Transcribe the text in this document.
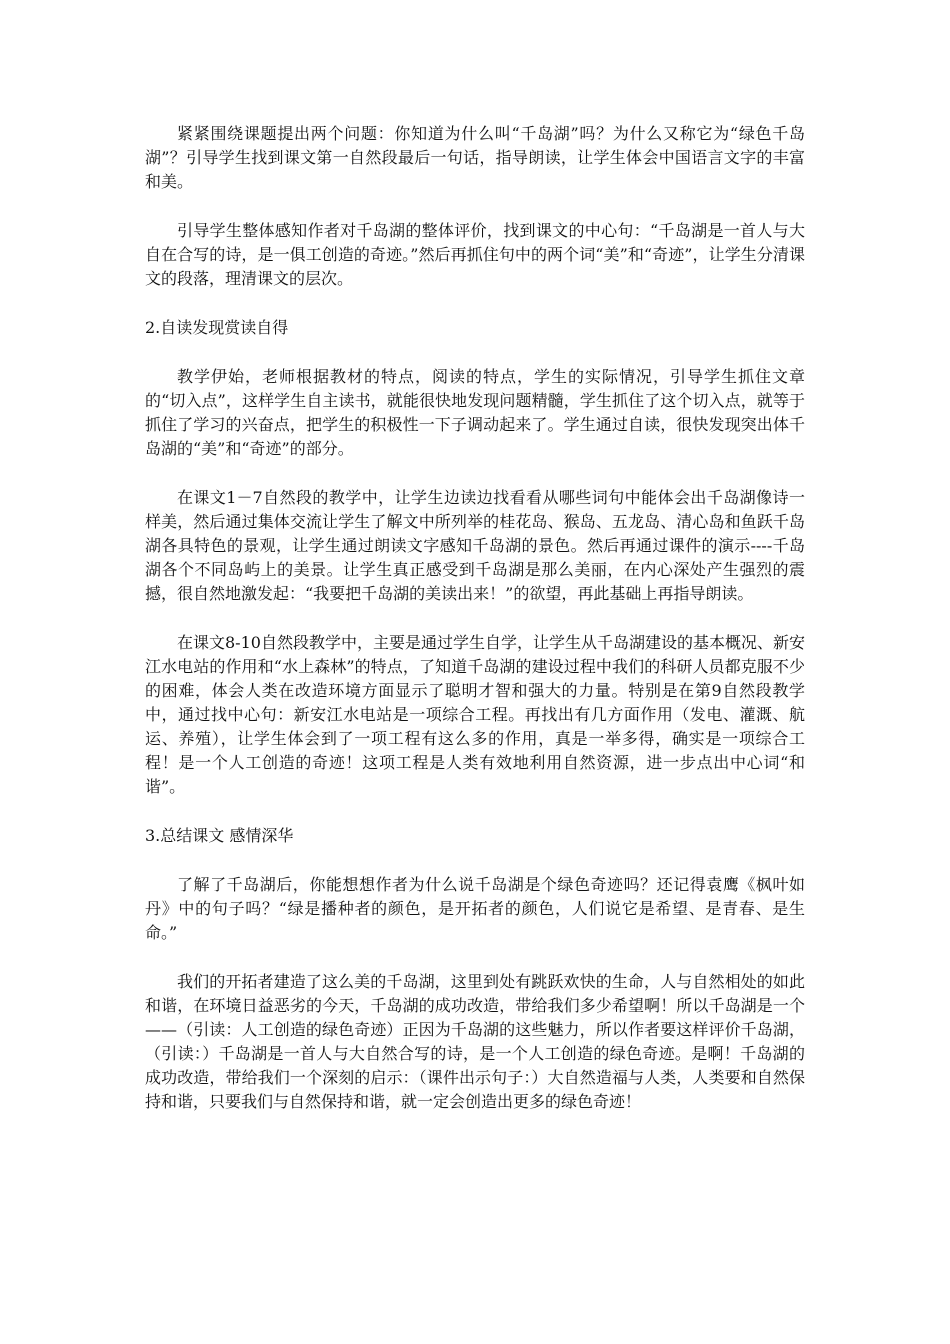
紧紧围绕课题提出两个问题：你知道为什么叫“千岛湖”吗？为什么又称它为“绿色千岛湖”？引导学生找到课文第一自然段最后一句话，指导朗读，让学生体会中国语言文字的丰富和美。

引导学生整体感知作者对千岛湖的整体评价，找到课文的中心句：“千岛湖是一首人与大自在合写的诗，是一俱工创造的奇迹。”然后再抓住句中的两个词“美”和“奇迹”，让学生分清课文的段落，理清课文的层次。

2.自读发现赏读自得

教学伊始，老师根据教材的特点，阅读的特点，学生的实际情况，引导学生抓住文章的“切入点”，这样学生自主读书，就能很快地发现问题精髓，学生抓住了这个切入点，就等于抓住了学习的兴奋点，把学生的积极性一下子调动起来了。学生通过自读，很快发现突出体千岛湖的“美”和“奇迹”的部分。

在课文1－7自然段的教学中，让学生边读边找看看从哪些词句中能体会出千岛湖像诗一样美，然后通过集体交流让学生了解文中所列举的桂花岛、猴岛、五龙岛、清心岛和鱼跃千岛湖各具特色的景观，让学生通过朗读文字感知千岛湖的景色。然后再通过课件的演示----千岛湖各个不同岛屿上的美景。让学生真正感受到千岛湖是那么美丽，在内心深处产生强烈的震撼，很自然地激发起：“我要把千岛湖的美读出来！”的欲望，再此基础上再指导朗读。

在课文8-10自然段教学中，主要是通过学生自学，让学生从千岛湖建设的基本概况、新安江水电站的作用和“水上森林”的特点，了知道千岛湖的建设过程中我们的科研人员都克服不少的困难，体会人类在改造环境方面显示了聪明才智和强大的力量。特别是在第9自然段教学中，通过找中心句：新安江水电站是一项综合工程。再找出有几方面作用（发电、灌溉、航运、养殖），让学生体会到了一项工程有这么多的作用，真是一举多得，确实是一项综合工程！是一个人工创造的奇迹！这项工程是人类有效地利用自然资源，进一步点出中心词“和谐”。

3.总结课文 感情深华

了解了千岛湖后，你能想想作者为什么说千岛湖是个绿色奇迹吗？还记得袁鹰《枫叶如丹》中的句子吗？“绿是播种者的颜色，是开拓者的颜色，人们说它是希望、是青春、是生命。”

我们的开拓者建造了这么美的千岛湖，这里到处有跳跃欢快的生命，人与自然相处的如此和谐，在环境日益恶劣的今天，千岛湖的成功改造，带给我们多少希望啊！所以千岛湖是一个——（引读：人工创造的绿色奇迹）正因为千岛湖的这些魅力，所以作者要这样评价千岛湖，（引读：）千岛湖是一首人与大自然合写的诗，是一个人工创造的绿色奇迹。是啊！千岛湖的成功改造，带给我们一个深刻的启示：（课件出示句子：）大自然造福与人类，人类要和自然保持和谐，只要我们与自然保持和谐，就一定会创造出更多的绿色奇迹！
